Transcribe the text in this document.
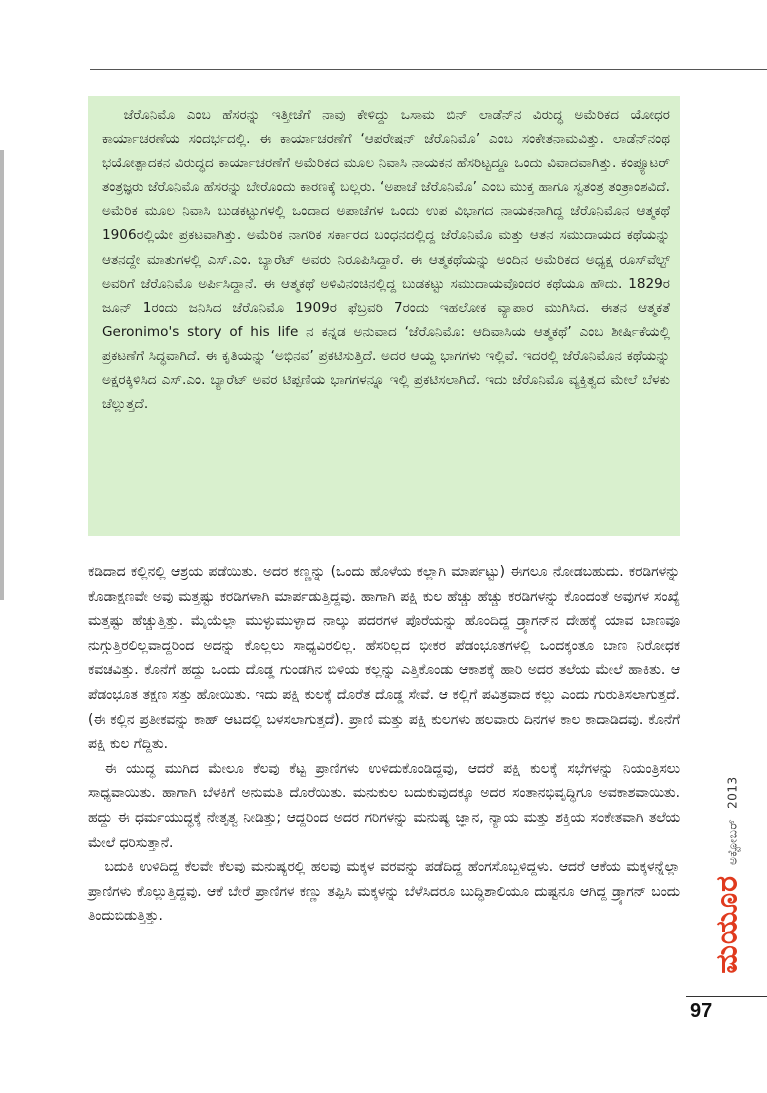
ಜೆರೊನಿಮೊ ಎಂಬ ಹೆಸರನ್ನು ಇತ್ತೀಚೆಗೆ ನಾವು ಕೇಳಿದ್ದು ಒಸಾಮ ಬಿನ್ ಲಾಡೆನ್‌ನ ವಿರುದ್ಧ ಅಮೆರಿಕದ ಯೋಧರ ಕಾರ್ಯಾಚರಣೆಯ ಸಂದರ್ಭದಲ್ಲಿ. ಈ ಕಾರ್ಯಾಚರಣೆಗೆ ‘ಆಪರೇಷನ್ ಜೆರೊನಿಮೊ’ ಎಂಬ ಸಂಕೇತನಾಮವಿತ್ತು. ಲಾಡೆನ್‌ನಂಥ ಭಯೋತ್ಪಾದಕನ ವಿರುದ್ಧದ ಕಾರ್ಯಾಚರಣೆಗೆ ಅಮೆರಿಕದ ಮೂಲ ನಿವಾಸಿ ನಾಯಕನ ಹೆಸರಿಟ್ಟದ್ದೂ ಒಂದು ವಿವಾದವಾಗಿತ್ತು. ಕಂಪ್ಯೂಟರ್ ತಂತ್ರಜ್ಞರು ಜೆರೊನಿಮೊ ಹೆಸರನ್ನು ಬೇರೊಂದು ಕಾರಣಕ್ಕೆ ಬಲ್ಲರು. ‘ಅಪಾಚೆ ಜೆರೊನಿಮೊ’ ಎಂಬ ಮುಕ್ತ ಹಾಗೂ ಸ್ವತಂತ್ರ ತಂತ್ರಾಂಶವಿದೆ. ಅಮೆರಿಕ ಮೂಲ ನಿವಾಸಿ ಬುಡಕಟ್ಟುಗಳಲ್ಲಿ ಒಂದಾದ ಅಪಾಚೆಗಳ ಒಂದು ಉಪ ವಿಭಾಗದ ನಾಯಕನಾಗಿದ್ದ ಜೆರೊನಿಮೊನ ಆತ್ಮಕಥೆ 1906ರಲ್ಲಿಯೇ ಪ್ರಕಟವಾಗಿತ್ತು. ಅಮೆರಿಕ ನಾಗರಿಕ ಸರ್ಕಾರದ ಬಂಧನದಲ್ಲಿದ್ದ ಜೆರೊನಿಮೊ ಮತ್ತು ಆತನ ಸಮುದಾಯದ ಕಥೆಯನ್ನು ಆತನದ್ದೇ ಮಾತುಗಳಲ್ಲಿ ಎಸ್.ಎಂ. ಬ್ಯಾರೆಟ್ ಅವರು ನಿರೂಪಿಸಿದ್ದಾರೆ. ಈ ಆತ್ಮಕಥೆಯನ್ನು ಅಂದಿನ ಅಮೆರಿಕದ ಅಧ್ಯಕ್ಷ ರೂಸ್‌ವೆಲ್ಟ್ ಅವರಿಗೆ ಜೆರೊನಿಮೊ ಅರ್ಪಿಸಿದ್ದಾನೆ. ಈ ಆತ್ಮಕಥೆ ಅಳಿವಿನಂಚಿನಲ್ಲಿದ್ದ ಬುಡಕಟ್ಟು ಸಮುದಾಯವೊಂದರ ಕಥೆಯೂ ಹೌದು. 1829ರ ಜೂನ್ 1ರಂದು ಜನಿಸಿದ ಜೆರೊನಿಮೊ 1909ರ ಫೆಬ್ರವರಿ 7ರಂದು ಇಹಲೋಕ ವ್ಯಾಪಾರ ಮುಗಿಸಿದ. ಈತನ ಆತ್ಮಕತೆ Geronimo's story of his life ನ ಕನ್ನಡ ಅನುವಾದ ‘ಜೆರೊನಿಮೊ: ಆದಿವಾಸಿಯ ಆತ್ಮಕಥೆ’ ಎಂಬ ಶೀರ್ಷಿಕೆಯಲ್ಲಿ ಪ್ರಕಟಣೆಗೆ ಸಿದ್ಧವಾಗಿದೆ. ಈ ಕೃತಿಯನ್ನು ‘ಅಭಿನವ’ ಪ್ರಕಟಿಸುತ್ತಿದೆ. ಅದರ ಆಯ್ದ ಭಾಗಗಳು ಇಲ್ಲಿವೆ. ಇದರಲ್ಲಿ ಜೆರೊನಿಮೊನ ಕಥೆಯನ್ನು ಅಕ್ಷರಕ್ಕಿಳಿಸಿದ ಎಸ್.ಎಂ. ಬ್ಯಾರೆಟ್ ಅವರ ಟಿಪ್ಪಣಿಯ ಭಾಗಗಳನ್ನೂ ಇಲ್ಲಿ ಪ್ರಕಟಿಸಲಾಗಿದೆ. ಇದು ಜೆರೊನಿಮೊ ವ್ಯಕ್ತಿತ್ವದ ಮೇಲೆ ಬೆಳಕು ಚೆಲ್ಲುತ್ತದೆ.

ಕಡಿದಾದ ಕಲ್ಲಿನಲ್ಲಿ ಆಶ್ರಯ ಪಡೆಯಿತು. ಅದರ ಕಣ್ಣನ್ನು (ಒಂದು ಹೊಳೆಯ ಕಲ್ಲಾಗಿ ಮಾರ್ಪಟ್ಟು) ಈಗಲೂ ನೋಡಬಹುದು. ಕರಡಿಗಳನ್ನು ಕೊಡಾಕ್ಷಣವೇ ಅವು ಮತ್ತಷ್ಟು ಕರಡಿಗಳಾಗಿ ಮಾರ್ಪಡುತ್ತಿದ್ದವು. ಹಾಗಾಗಿ ಪಕ್ಷಿ ಕುಲ ಹೆಚ್ಚು ಹೆಚ್ಚು ಕರಡಿಗಳನ್ನು ಕೊಂದಂತೆ ಅವುಗಳ ಸಂಖ್ಯೆ ಮತ್ತಷ್ಟು ಹೆಚ್ಚುತ್ತಿತ್ತು. ಮೈಯೆಲ್ಲಾ ಮುಳ್ಳುಮುಳ್ಳಾದ ನಾಲ್ಕು ಪದರಗಳ ಪೊರೆಯನ್ನು ಹೊಂದಿದ್ದ ಡ್ರ್ಯಾಗನ್‌ನ ದೇಹಕ್ಕೆ ಯಾವ ಬಾಣವೂ ನುಗ್ಗುತ್ತಿರಲಿಲ್ಲವಾದ್ದರಿಂದ ಅದನ್ನು ಕೊಲ್ಲಲು ಸಾಧ್ಯವಿರಲಿಲ್ಲ. ಹೆಸರಿಲ್ಲದ ಭೀಕರ ಪೆಡಂಭೂತಗಳಲ್ಲಿ ಒಂದಕ್ಕಂತೂ ಬಾಣ ನಿರೋಧಕ ಕವಚವಿತ್ತು. ಕೊನೆಗೆ ಹದ್ದು ಒಂದು ದೊಡ್ಡ ಗುಂಡಗಿನ ಬಿಳಿಯ ಕಲ್ಲನ್ನು ಎತ್ತಿಕೊಂಡು ಆಕಾಶಕ್ಕೆ ಹಾರಿ ಅದರ ತಲೆಯ ಮೇಲೆ ಹಾಕಿತು. ಆ ಪೆಡಂಭೂತ ತಕ್ಷಣ ಸತ್ತು ಹೋಯಿತು. ಇದು ಪಕ್ಷಿ ಕುಲಕ್ಕೆ ದೊರೆತ ದೊಡ್ಡ ಸೇವೆ. ಆ ಕಲ್ಲಿಗೆ ಪವಿತ್ರವಾದ ಕಲ್ಲು ಎಂದು ಗುರುತಿಸಲಾಗುತ್ತದೆ. (ಈ ಕಲ್ಲಿನ ಪ್ರತೀಕವನ್ನು ಕಾಹ್ ಆಟದಲ್ಲಿ ಬಳಸಲಾಗುತ್ತದೆ). ಪ್ರಾಣಿ ಮತ್ತು ಪಕ್ಷಿ ಕುಲಗಳು ಹಲವಾರು ದಿನಗಳ ಕಾಲ ಕಾದಾಡಿದವು. ಕೊನೆಗೆ ಪಕ್ಷಿ ಕುಲ ಗೆದ್ದಿತು.

ಈ ಯುದ್ಧ ಮುಗಿದ ಮೇಲೂ ಕೆಲವು ಕೆಟ್ಟ ಪ್ರಾಣಿಗಳು ಉಳಿದುಕೊಂಡಿದ್ದವು, ಆದರೆ ಪಕ್ಷಿ ಕುಲಕ್ಕೆ ಸಭೆಗಳನ್ನು ನಿಯಂತ್ರಿಸಲು ಸಾಧ್ಯವಾಯಿತು. ಹಾಗಾಗಿ ಬೆಳಕಿಗೆ ಅನುಮತಿ ದೊರೆಯಿತು. ಮನುಕುಲ ಬದುಕುವುದಕ್ಕೂ ಅದರ ಸಂತಾನಭಿವೃದ್ಧಿಗೂ ಅವಕಾಶವಾಯಿತು. ಹದ್ದು ಈ ಧರ್ಮಯುದ್ಧಕ್ಕೆ ನೇತೃತ್ವ ನೀಡಿತ್ತು; ಆದ್ದರಿಂದ ಅದರ ಗರಿಗಳನ್ನು ಮನುಷ್ಯ ಜ್ಞಾನ, ನ್ಯಾಯ ಮತ್ತು ಶಕ್ತಿಯ ಸಂಕೇತವಾಗಿ ತಲೆಯ ಮೇಲೆ ಧರಿಸುತ್ತಾನೆ.

ಬದುಕಿ ಉಳಿದಿದ್ದ ಕೆಲವೇ ಕೆಲವು ಮನುಷ್ಯರಲ್ಲಿ ಹಲವು ಮಕ್ಕಳ ವರವನ್ನು ಪಡೆದಿದ್ದ ಹೆಂಗಸೊಬ್ಬಳಿದ್ದಳು. ಆದರೆ ಆಕೆಯ ಮಕ್ಕಳನ್ನೆಲ್ಲಾ ಪ್ರಾಣಿಗಳು ಕೊಲ್ಲುತ್ತಿದ್ದವು. ಆಕೆ ಬೇರೆ ಪ್ರಾಣಿಗಳ ಕಣ್ಣು ತಪ್ಪಿಸಿ ಮಕ್ಕಳನ್ನು ಬೆಳೆಸಿದರೂ ಬುದ್ಧಿಶಾಲಿಯೂ ದುಷ್ಟನೂ ಆಗಿದ್ದ ಡ್ರ್ಯಾಗನ್ ಬಂದು ತಿಂದುಬಿಡುತ್ತಿತ್ತು.	ಮಯೂರಅಕ್ಟೋಬರ್2013
97
